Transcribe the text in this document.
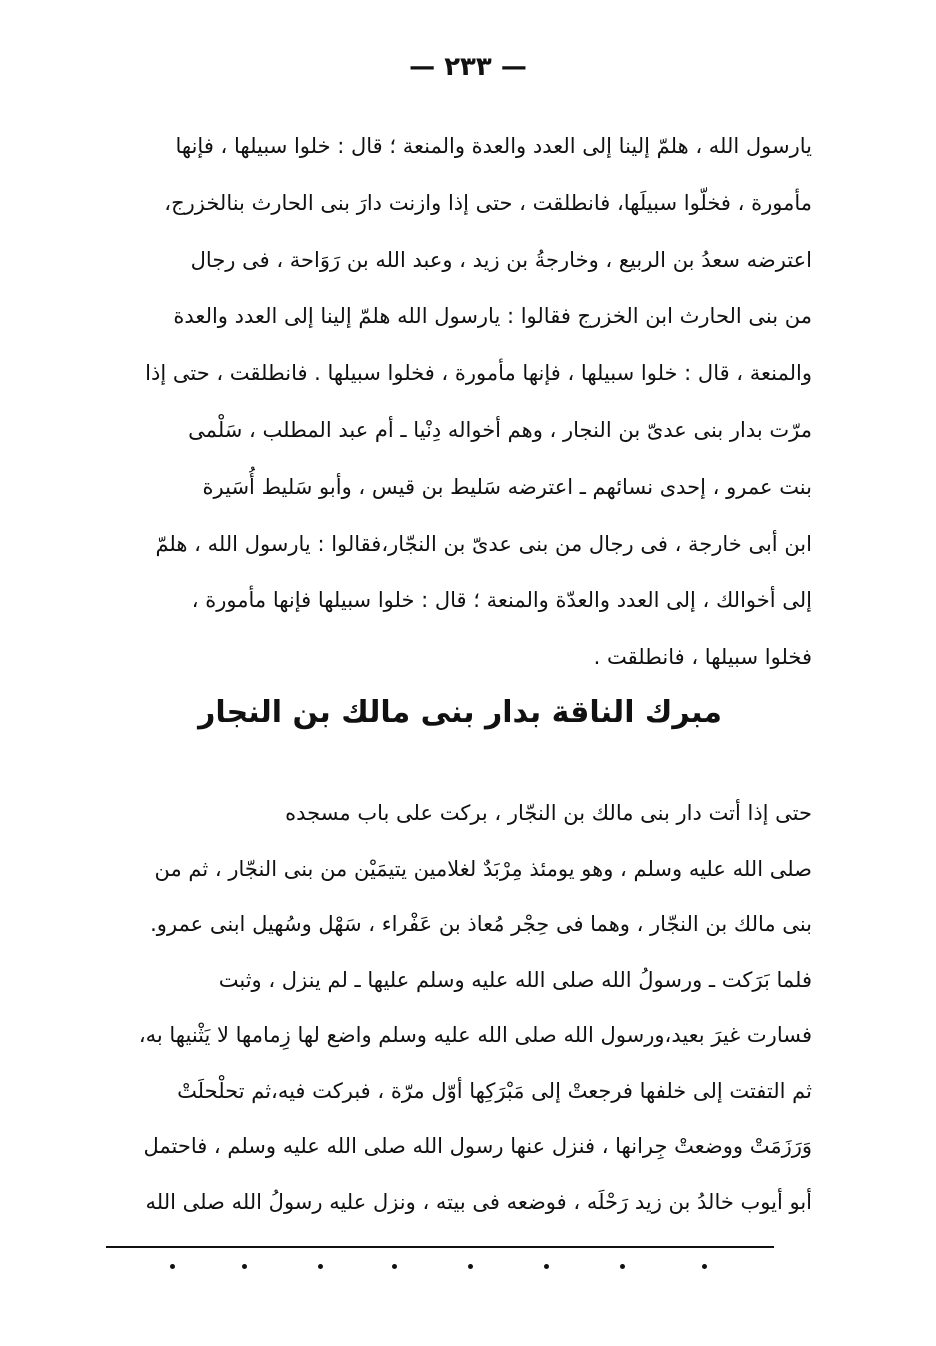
— ٢٣٣ —
يارسول الله ، هلمّ إلينا إلى العدد والعدة والمنعة ؛ قال : خلوا سبيلها ، فإنها
مأمورة ، فخلّوا سبيلَها، فانطلقت ، حتى إذا وازنت دارَ بنى الحارث بنالخزرج،
اعترضه سعدُ بن الربيع ، وخارجةُ بن زيد ، وعبد الله بن رَوَاحة ، فى رجال
من بنى الحارث ابن الخزرج فقالوا : يارسول الله هلمّ إلينا إلى العدد والعدة
والمنعة ، قال : خلوا سبيلها ، فإنها مأمورة ، فخلوا سبيلها . فانطلقت ، حتى إذا
مرّت بدار بنى عدىّ بن النجار ، وهم أخواله دِنْيا ـ أم عبد المطلب ، سَلْمى
بنت عمرو ، إحدى نسائهم ـ اعترضه سَليط بن قيس ، وأبو سَليط أُسَيرة
ابن أبى خارجة ، فى رجال من بنى عدىّ بن النجّار،فقالوا : يارسول الله ، هلمّ
إلى أخوالك ، إلى العدد والعدّة والمنعة ؛ قال : خلوا سبيلها فإنها مأمورة ،
فخلوا سبيلها ، فانطلقت .
مبرك الناقة بدار بنى مالك بن النجار
حتى إذا أتت دار بنى مالك بن النجّار ، بركت على باب مسجده
صلى الله عليه وسلم ، وهو يومئذ مِرْبَدٌ لغلامين يتيمَيْن من بنى النجّار ، ثم من
بنى مالك بن النجّار ، وهما فى حِجْر مُعاذ بن عَفْراء ، سَهْل وسُهيل ابنى عمرو.
فلما بَرَكت ـ ورسولُ الله صلى الله عليه وسلم عليها ـ لم ينزل ، وثبت
فسارت غيرَ بعيد،ورسول الله صلى الله عليه وسلم واضع لها زِمامها لا يَثْنيها به،
ثم التفتت إلى خلفها فرجعتْ إلى مَبْرَكِها أوّل مرّة ، فبركت فيه،ثم تحلْحلَتْ
وَرَزَمَتْ ووضعتْ جِرانها ، فنزل عنها رسول الله صلى الله عليه وسلم ، فاحتمل
أبو أيوب خالدُ بن زيد رَحْلَه ، فوضعه فى بيته ، ونزل عليه رسولُ الله صلى الله
